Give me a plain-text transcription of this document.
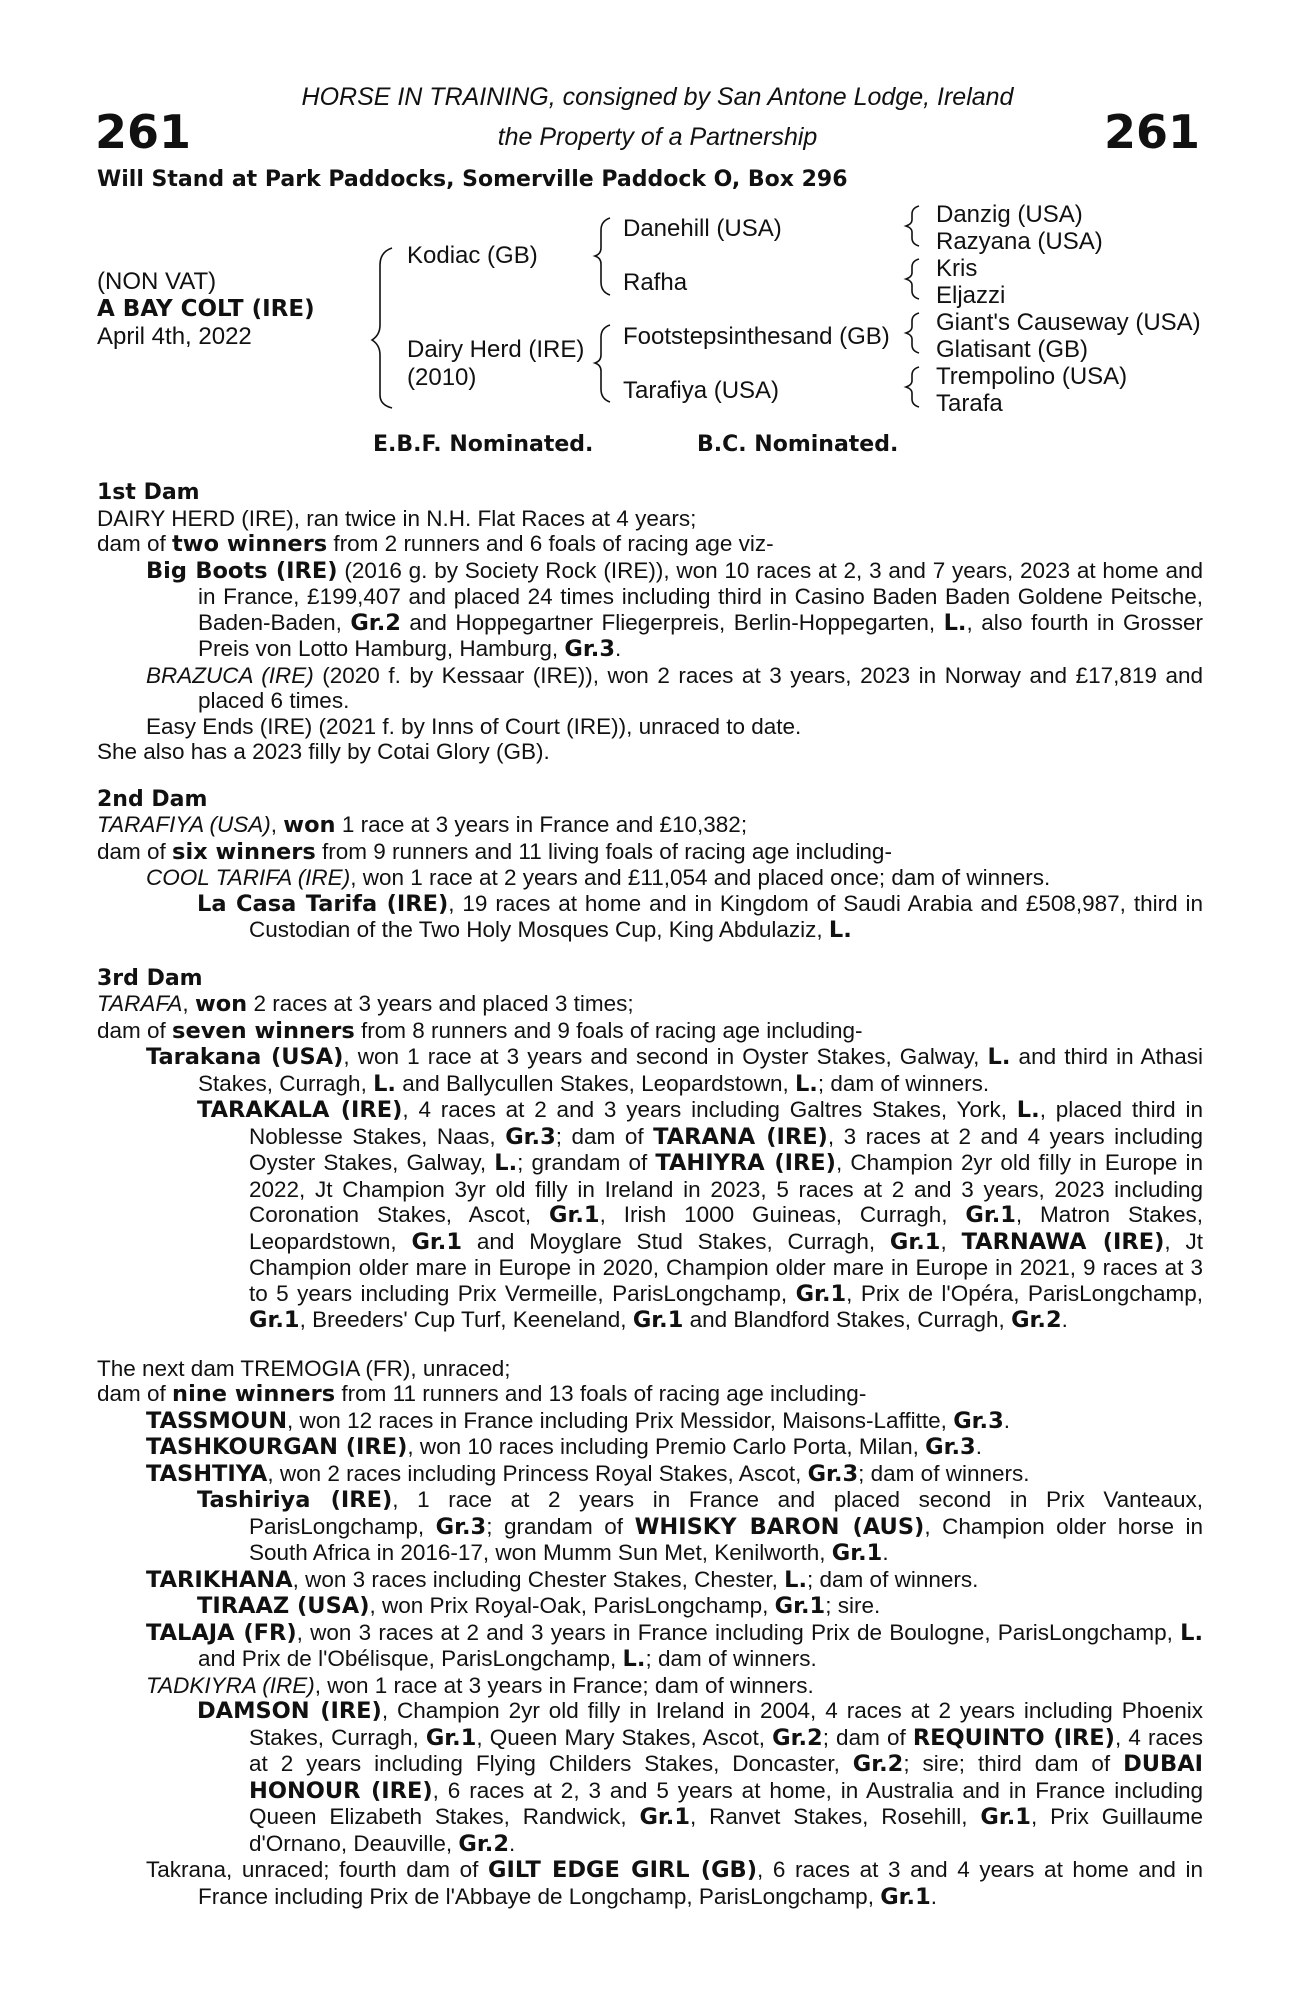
261	261
HORSE IN TRAINING, consigned by San Antone Lodge, Ireland
the Property of a Partnership
Will Stand at Park Paddocks, Somerville Paddock O, Box 296
(NON VAT)
A BAY COLT (IRE)
April 4th, 2022
Kodiac (GB)
Dairy Herd (IRE)
(2010)
Danehill (USA)
Rafha
Footstepsinthesand (GB)
Tarafiya (USA)
Danzig (USA)
Razyana (USA)
Kris
Eljazzi
Giant's Causeway (USA)
Glatisant (GB)
Trempolino (USA)
Tarafa
E.B.F. Nominated.	B.C. Nominated.
1st Dam

DAIRY HERD (IRE), ran twice in N.H. Flat Races at 4 years;

dam of two winners from 2 runners and 6 foals of racing age viz-

Big Boots (IRE) (2016 g. by Society Rock (IRE)), won 10 races at 2, 3 and 7 years, 2023 at home and in France, £199,407 and placed 24 times including third in Casino Baden Baden Goldene Peitsche, Baden-Baden, Gr.2 and Hoppegartner Fliegerpreis, Berlin-Hoppegarten, L., also fourth in Grosser Preis von Lotto Hamburg, Hamburg, Gr.3.

BRAZUCA (IRE) (2020 f. by Kessaar (IRE)), won 2 races at 3 years, 2023 in Norway and £17,819 and placed 6 times.

Easy Ends (IRE) (2021 f. by Inns of Court (IRE)), unraced to date.

She also has a 2023 filly by Cotai Glory (GB).

2nd Dam

TARAFIYA (USA), won 1 race at 3 years in France and £10,382;

dam of six winners from 9 runners and 11 living foals of racing age including-

COOL TARIFA (IRE), won 1 race at 2 years and £11,054 and placed once; dam of winners.

La Casa Tarifa (IRE), 19 races at home and in Kingdom of Saudi Arabia and £508,987, third in Custodian of the Two Holy Mosques Cup, King Abdulaziz, L.

3rd Dam

TARAFA, won 2 races at 3 years and placed 3 times;

dam of seven winners from 8 runners and 9 foals of racing age including-

Tarakana (USA), won 1 race at 3 years and second in Oyster Stakes, Galway, L. and third in Athasi Stakes, Curragh, L. and Ballycullen Stakes, Leopardstown, L.; dam of winners.

TARAKALA (IRE), 4 races at 2 and 3 years including Galtres Stakes, York, L., placed third in Noblesse Stakes, Naas, Gr.3; dam of TARANA (IRE), 3 races at 2 and 4 years including Oyster Stakes, Galway, L.; grandam of TAHIYRA (IRE), Champion 2yr old filly in Europe in 2022, Jt Champion 3yr old filly in Ireland in 2023, 5 races at 2 and 3 years, 2023 including Coronation Stakes, Ascot, Gr.1, Irish 1000 Guineas, Curragh, Gr.1, Matron Stakes, Leopardstown, Gr.1 and Moyglare Stud Stakes, Curragh, Gr.1, TARNAWA (IRE), Jt Champion older mare in Europe in 2020, Champion older mare in Europe in 2021, 9 races at 3 to 5 years including Prix Vermeille, ParisLongchamp, Gr.1, Prix de l'Opéra, ParisLongchamp, Gr.1, Breeders' Cup Turf, Keeneland, Gr.1 and Blandford Stakes, Curragh, Gr.2.

The next dam TREMOGIA (FR), unraced;

dam of nine winners from 11 runners and 13 foals of racing age including-

TASSMOUN, won 12 races in France including Prix Messidor, Maisons-Laffitte, Gr.3.

TASHKOURGAN (IRE), won 10 races including Premio Carlo Porta, Milan, Gr.3.

TASHTIYA, won 2 races including Princess Royal Stakes, Ascot, Gr.3; dam of winners.

Tashiriya (IRE), 1 race at 2 years in France and placed second in Prix Vanteaux, ParisLongchamp, Gr.3; grandam of WHISKY BARON (AUS), Champion older horse in South Africa in 2016-17, won Mumm Sun Met, Kenilworth, Gr.1.

TARIKHANA, won 3 races including Chester Stakes, Chester, L.; dam of winners.

TIRAAZ (USA), won Prix Royal-Oak, ParisLongchamp, Gr.1; sire.

TALAJA (FR), won 3 races at 2 and 3 years in France including Prix de Boulogne, ParisLongchamp, L. and Prix de l'Obélisque, ParisLongchamp, L.; dam of winners.

TADKIYRA (IRE), won 1 race at 3 years in France; dam of winners.

DAMSON (IRE), Champion 2yr old filly in Ireland in 2004, 4 races at 2 years including Phoenix Stakes, Curragh, Gr.1, Queen Mary Stakes, Ascot, Gr.2; dam of REQUINTO (IRE), 4 races at 2 years including Flying Childers Stakes, Doncaster, Gr.2; sire; third dam of DUBAI HONOUR (IRE), 6 races at 2, 3 and 5 years at home, in Australia and in France including Queen Elizabeth Stakes, Randwick, Gr.1, Ranvet Stakes, Rosehill, Gr.1, Prix Guillaume d'Ornano, Deauville, Gr.2.

Takrana, unraced; fourth dam of GILT EDGE GIRL (GB), 6 races at 3 and 4 years at home and in France including Prix de l'Abbaye de Longchamp, ParisLongchamp, Gr.1.
